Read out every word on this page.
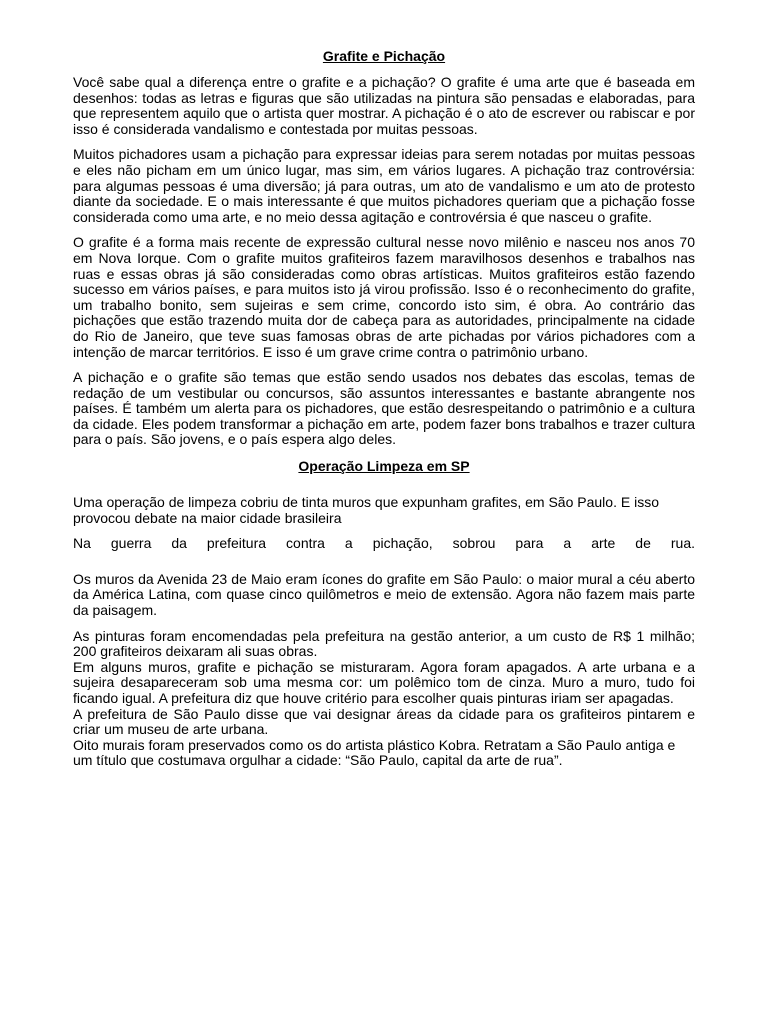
Grafite e Pichação

Você sabe qual a diferença entre o grafite e a pichação? O grafite é uma arte que é baseada em desenhos: todas as letras e figuras que são utilizadas na pintura são pensadas e elaboradas, para que representem aquilo que o artista quer mostrar. A pichação é o ato de escrever ou rabiscar e por isso é considerada vandalismo e contestada por muitas pessoas.

Muitos pichadores usam a pichação para expressar ideias para serem notadas por muitas pessoas e eles não picham em um único lugar, mas sim, em vários lugares. A pichação traz controvérsia: para algumas pessoas é uma diversão; já para outras, um ato de vandalismo e um ato de protesto diante da sociedade. E o mais interessante é que muitos pichadores queriam que a pichação fosse considerada como uma arte, e no meio dessa agitação e controvérsia é que nasceu o grafite.

O grafite é a forma mais recente de expressão cultural nesse novo milênio e nasceu nos anos 70 em Nova Iorque. Com o grafite muitos grafiteiros fazem maravilhosos desenhos e trabalhos nas ruas e essas obras já são consideradas como obras artísticas. Muitos grafiteiros estão fazendo sucesso em vários países, e para muitos isto já virou profissão. Isso é o reconhecimento do grafite, um trabalho bonito, sem sujeiras e sem crime, concordo isto sim, é obra. Ao contrário das pichações que estão trazendo muita dor de cabeça para as autoridades, principalmente na cidade do Rio de Janeiro, que teve suas famosas obras de arte pichadas por vários pichadores com a intenção de marcar territórios. E isso é um grave crime contra o patrimônio urbano.

A pichação e o grafite são temas que estão sendo usados nos debates das escolas, temas de redação de um vestibular ou concursos, são assuntos interessantes e bastante abrangente nos países. É também um alerta para os pichadores, que estão desrespeitando o patrimônio e a cultura da cidade. Eles podem transformar a pichação em arte, podem fazer bons trabalhos e trazer cultura para o país. São jovens, e o país espera algo deles.

Operação Limpeza em SP

Uma operação de limpeza cobriu de tinta muros que expunham grafites, em São Paulo. E isso provocou debate na maior cidade brasileira

Na guerra da prefeitura contra a pichação, sobrou para a arte de rua.

Os muros da Avenida 23 de Maio eram ícones do grafite em São Paulo: o maior mural a céu aberto da América Latina, com quase cinco quilômetros e meio de extensão. Agora não fazem mais parte da paisagem.

As pinturas foram encomendadas pela prefeitura na gestão anterior, a um custo de R$ 1 milhão; 200 grafiteiros deixaram ali suas obras.

Em alguns muros, grafite e pichação se misturaram. Agora foram apagados. A arte urbana e a sujeira desapareceram sob uma mesma cor: um polêmico tom de cinza. Muro a muro, tudo foi ficando igual. A prefeitura diz que houve critério para escolher quais pinturas iriam ser apagadas.

A prefeitura de São Paulo disse que vai designar áreas da cidade para os grafiteiros pintarem e criar um museu de arte urbana.

Oito murais foram preservados como os do artista plástico Kobra. Retratam a São Paulo antiga e um título que costumava orgulhar a cidade: “São Paulo, capital da arte de rua”.
